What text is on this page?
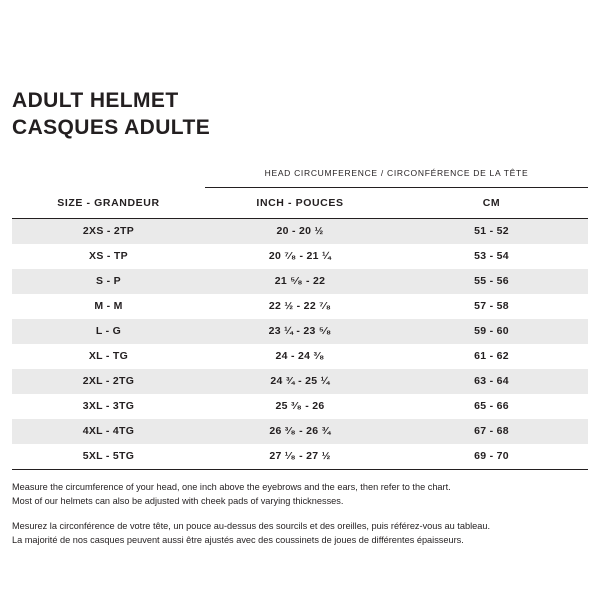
ADULT HELMET
CASQUES ADULTE
	HEAD CIRCUMFERENCE / CIRCONFÉRENCE DE LA TÊTE	
SIZE - GRANDEUR	INCH - POUCES	CM
2XS - 2TP	20 - 20 ½	51 - 52
XS - TP	20 ⁷⁄₈ - 21 ¼	53 - 54
S - P	21 ⁵⁄₈ - 22	55 - 56
M - M	22 ½ - 22 ⁷⁄₈	57 - 58
L - G	23 ¼ - 23 ⁵⁄₈	59 - 60
XL - TG	24 - 24 ³⁄₈	61 - 62
2XL - 2TG	24 ¾ - 25 ¼	63 - 64
3XL - 3TG	25 ³⁄₈ - 26	65 - 66
4XL - 4TG	26 ³⁄₈ - 26 ¾	67 - 68
5XL - 5TG	27 ¹⁄₈ - 27 ½	69 - 70

Measure the circumference of your head, one inch above the eyebrows and the ears, then refer to the chart.

Most of our helmets can also be adjusted with cheek pads of varying thicknesses.

Mesurez la circonférence de votre tête, un pouce au-dessus des sourcils et des oreilles, puis référez-vous au tableau.

La majorité de nos casques peuvent aussi être ajustés avec des coussinets de joues de différentes épaisseurs.
